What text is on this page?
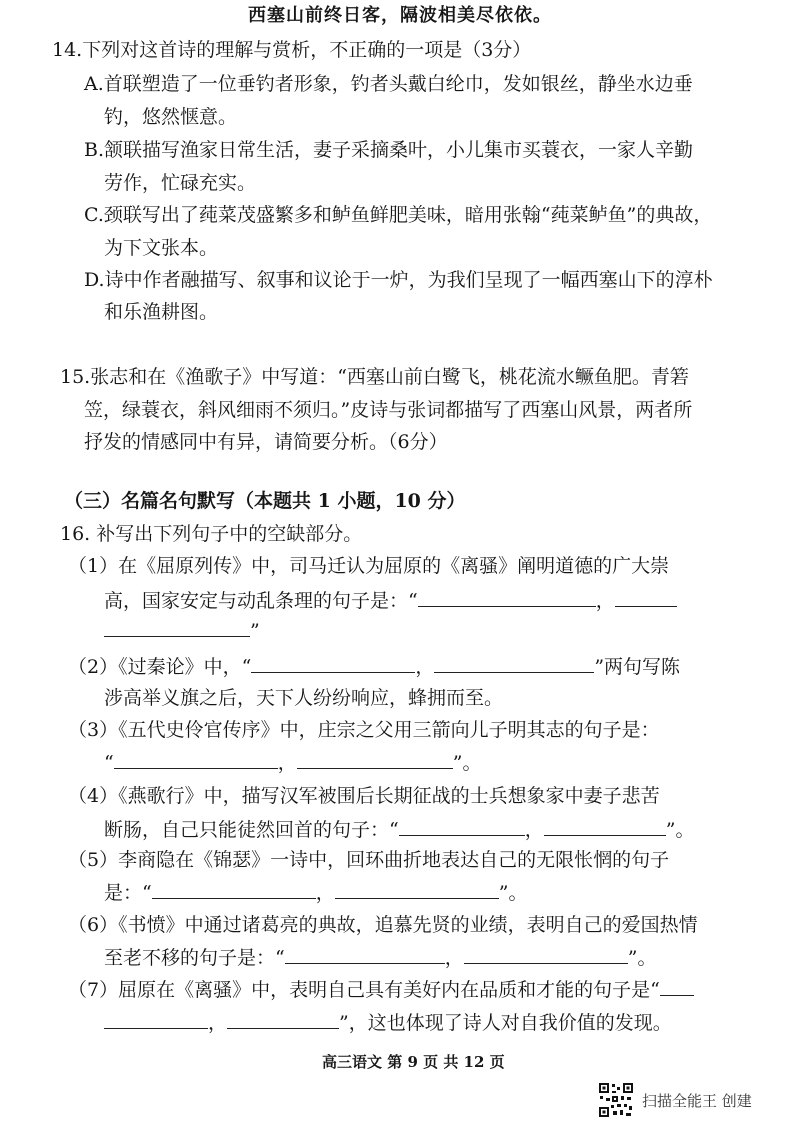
西塞山前终日客，隔波相美尽依依。
14.下列对这首诗的理解与赏析，不正确的一项是（3分）
A.首联塑造了一位垂钓者形象，钓者头戴白纶巾，发如银丝，静坐水边垂
钓，悠然惬意。
B.颔联描写渔家日常生活，妻子采摘桑叶，小儿集市买蓑衣，一家人辛勤
劳作，忙碌充实。
C.颈联写出了莼菜茂盛繁多和鲈鱼鲜肥美味，暗用张翰“莼菜鲈鱼”的典故，
为下文张本。
D.诗中作者融描写、叙事和议论于一炉，为我们呈现了一幅西塞山下的淳朴
和乐渔耕图。
15.张志和在《渔歌子》中写道：“西塞山前白鹭飞，桃花流水鳜鱼肥。青箬
笠，绿蓑衣，斜风细雨不须归。”皮诗与张词都描写了西塞山风景，两者所
抒发的情感同中有异，请简要分析。（6分）
（三）名篇名句默写（本题共 1 小题，10 分）
16. 补写出下列句子中的空缺部分。
（1）在《屈原列传》中，司马迁认为屈原的《离骚》阐明道德的广大崇
高，国家安定与动乱条理的句子是：“	，
”
（2）《过秦论》中，“	，	”两句写陈
涉高举义旗之后，天下人纷纷响应，蜂拥而至。
（3）《五代史伶官传序》中，庄宗之父用三箭向儿子明其志的句子是：
“	，	”。
（4）《燕歌行》中，描写汉军被围后长期征战的士兵想象家中妻子悲苦
断肠，自己只能徒然回首的句子：“	，	”。
（5）李商隐在《锦瑟》一诗中，回环曲折地表达自己的无限怅惘的句子
是：“	，	”。
（6）《书愤》中通过诸葛亮的典故，追慕先贤的业绩，表明自己的爱国热情
至老不移的句子是：“	，	”。
（7）屈原在《离骚》中，表明自己具有美好内在品质和才能的句子是“
，	”，这也体现了诗人对自我价值的发现。
高三语文 第 9 页 共 12 页
扫描全能王 创建
